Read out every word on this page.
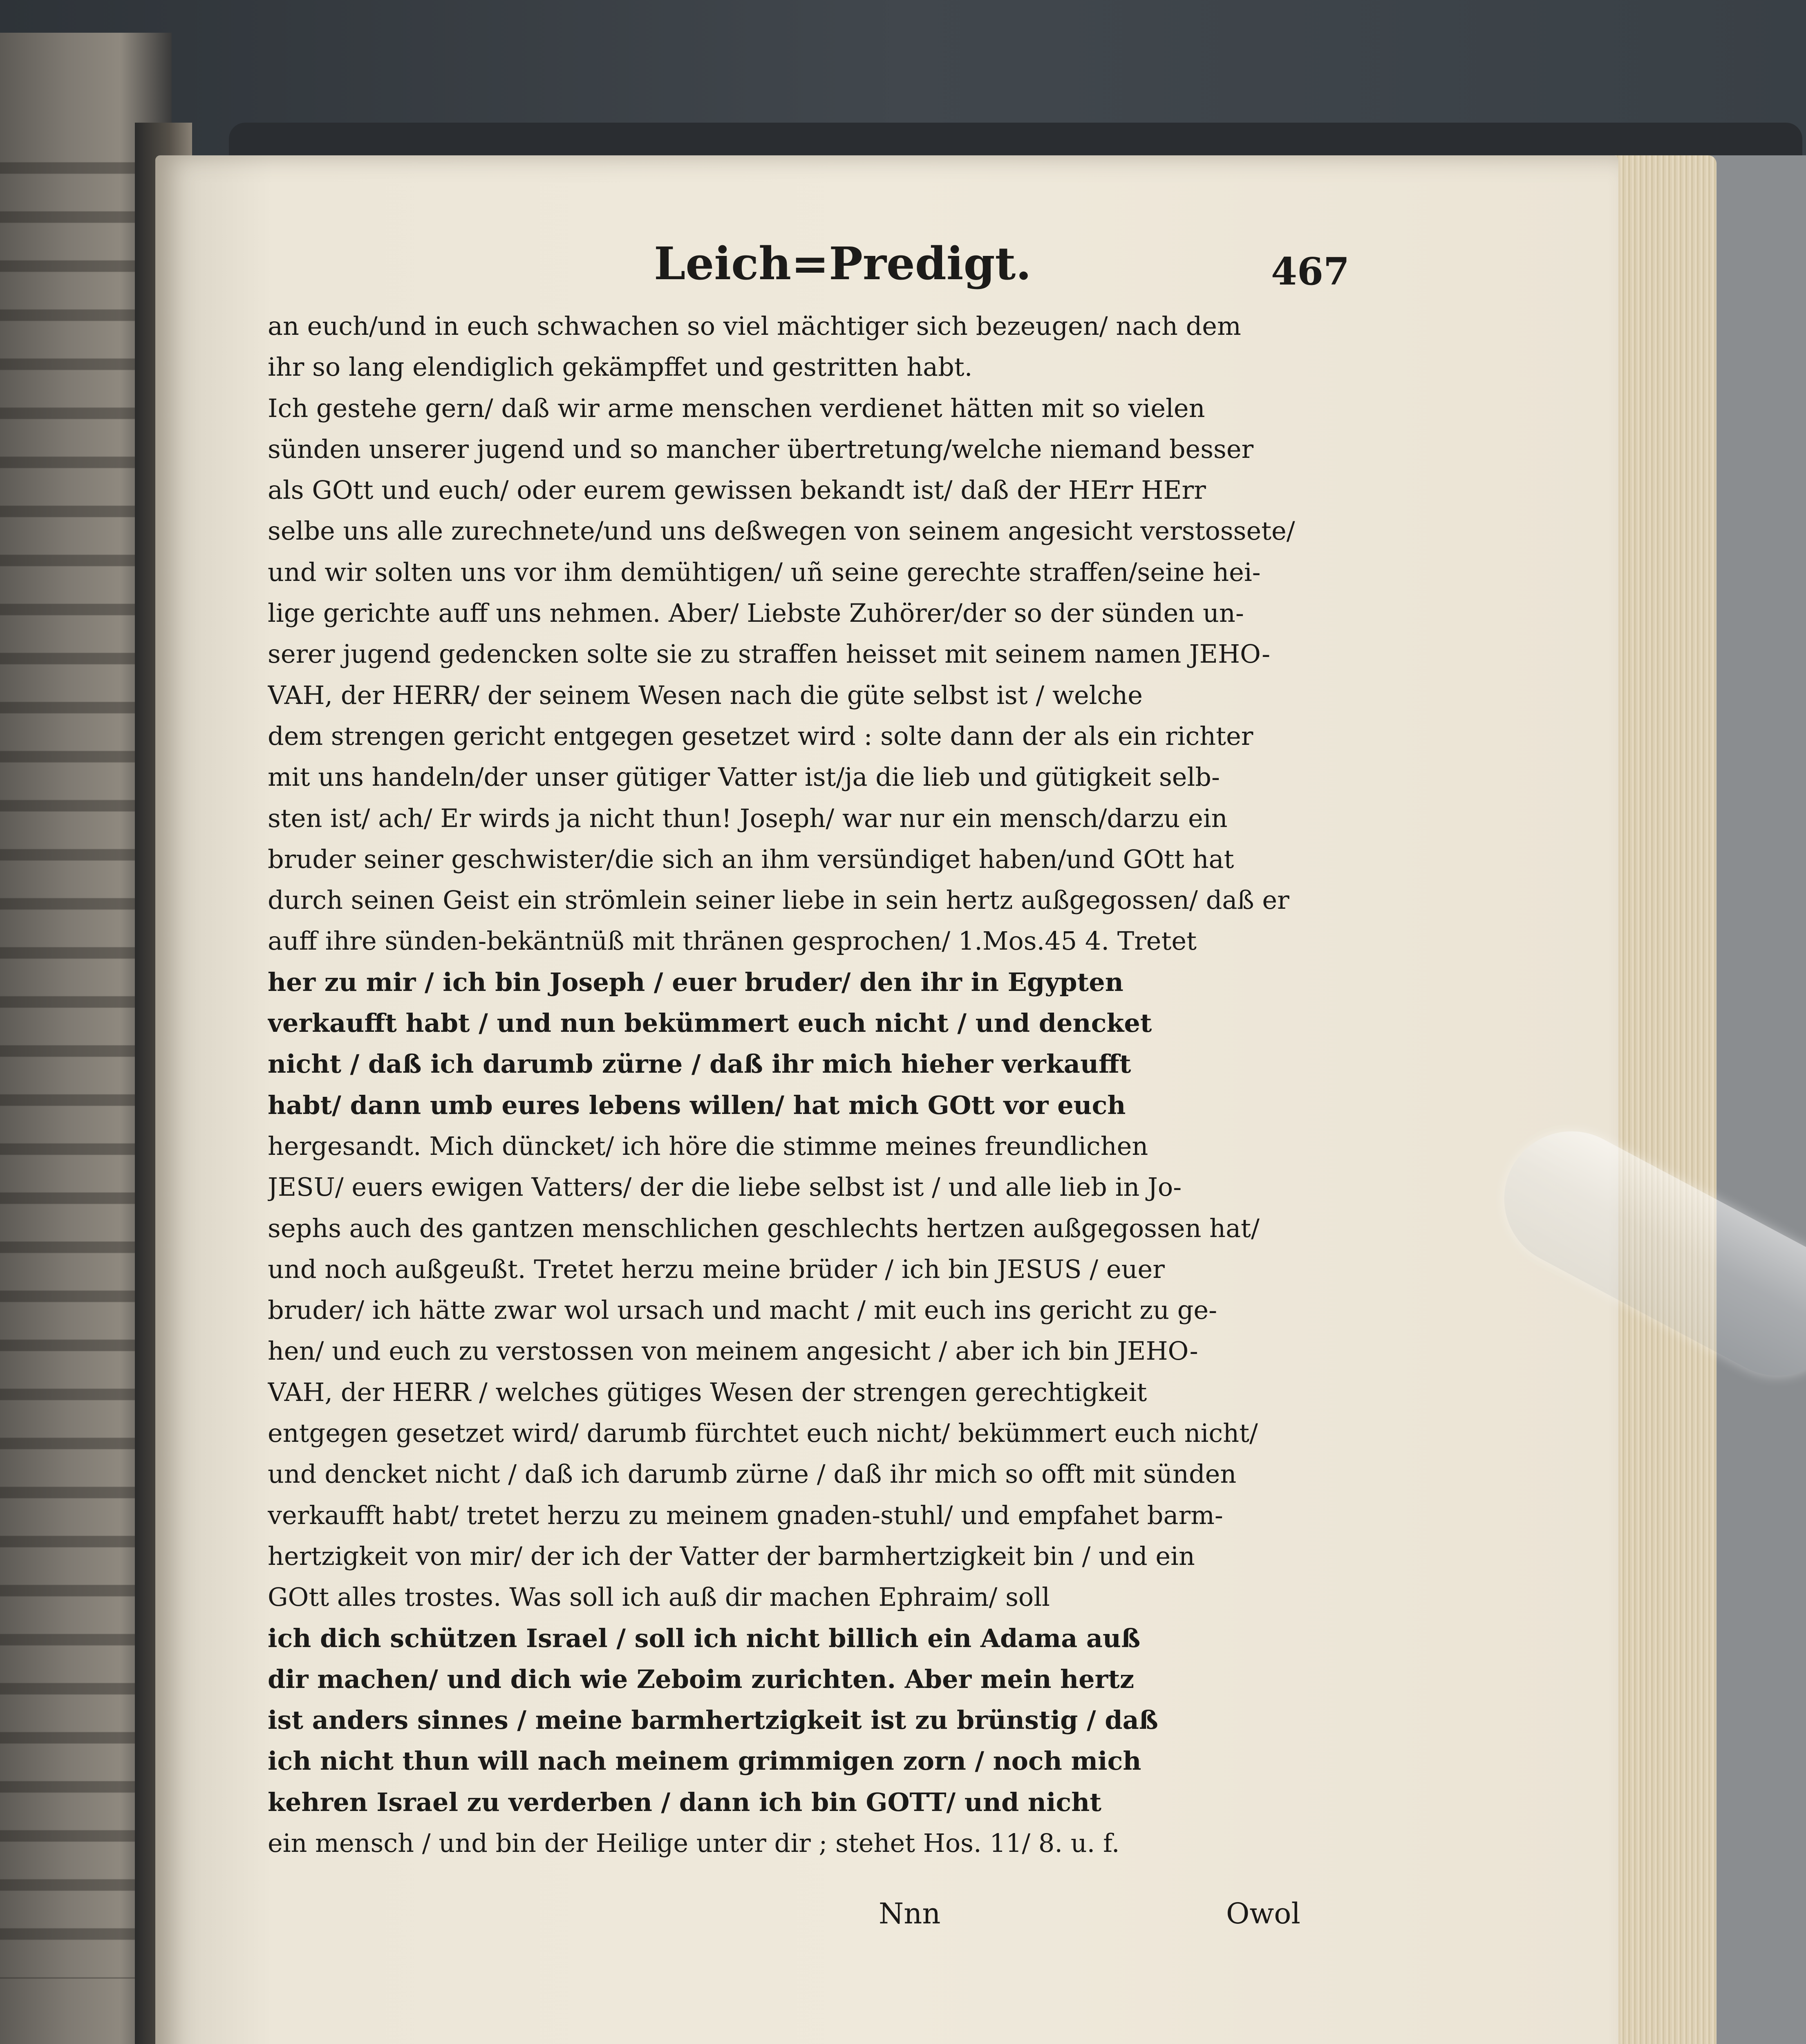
Leich=Predigt.	467
an euch/und in euch schwachen so viel mächtiger sich bezeugen/ nach dem
ihr so lang elendiglich gekämpffet und gestritten habt.
Ich gestehe gern/ daß wir arme menschen verdienet hätten mit so vielen
sünden unserer jugend und so mancher übertretung/welche niemand besser
als GOtt und euch/ oder eurem gewissen bekandt ist/ daß der HErr HErr
selbe uns alle zurechnete/und uns deßwegen von seinem angesicht verstossete/
und wir solten uns vor ihm demühtigen/ uñ seine gerechte straffen/seine hei-
lige gerichte auff uns nehmen. Aber/ Liebste Zuhörer/der so der sünden un-
serer jugend gedencken solte sie zu straffen heisset mit seinem namen JEHO-
VAH, der HERR/ der seinem Wesen nach die güte selbst ist / welche
dem strengen gericht entgegen gesetzet wird : solte dann der als ein richter
mit uns handeln/der unser gütiger Vatter ist/ja die lieb und gütigkeit selb-
sten ist/ ach/ Er wirds ja nicht thun! Joseph/ war nur ein mensch/darzu ein
bruder seiner geschwister/die sich an ihm versündiget haben/und GOtt hat
durch seinen Geist ein strömlein seiner liebe in sein hertz außgegossen/ daß er
auff ihre sünden-bekäntnüß mit thränen gesprochen/ 1.Mos.45 4. Tretet
her zu mir / ich bin Joseph / euer bruder/ den ihr in Egypten
verkaufft habt / und nun bekümmert euch nicht / und dencket
nicht / daß ich darumb zürne / daß ihr mich hieher verkaufft
habt/ dann umb eures lebens willen/ hat mich GOtt vor euch
hergesandt. Mich düncket/ ich höre die stimme meines freundlichen
JESU/ euers ewigen Vatters/ der die liebe selbst ist / und alle lieb in Jo-
sephs auch des gantzen menschlichen geschlechts hertzen außgegossen hat/
und noch außgeußt. Tretet herzu meine brüder / ich bin JESUS / euer
bruder/ ich hätte zwar wol ursach und macht / mit euch ins gericht zu ge-
hen/ und euch zu verstossen von meinem angesicht / aber ich bin JEHO-
VAH, der HERR / welches gütiges Wesen der strengen gerechtigkeit
entgegen gesetzet wird/ darumb fürchtet euch nicht/ bekümmert euch nicht/
und dencket nicht / daß ich darumb zürne / daß ihr mich so offt mit sünden
verkaufft habt/ tretet herzu zu meinem gnaden-stuhl/ und empfahet barm-
hertzigkeit von mir/ der ich der Vatter der barmhertzigkeit bin / und ein
GOtt alles trostes. Was soll ich auß dir machen Ephraim/ soll
ich dich schützen Israel / soll ich nicht billich ein Adama auß
dir machen/ und dich wie Zeboim zurichten. Aber mein hertz
ist anders sinnes / meine barmhertzigkeit ist zu brünstig / daß
ich nicht thun will nach meinem grimmigen zorn / noch mich
kehren Israel zu verderben / dann ich bin GOTT/ und nicht
ein mensch / und bin der Heilige unter dir ; stehet Hos. 11/ 8. u. f.
Nnn	Owol
